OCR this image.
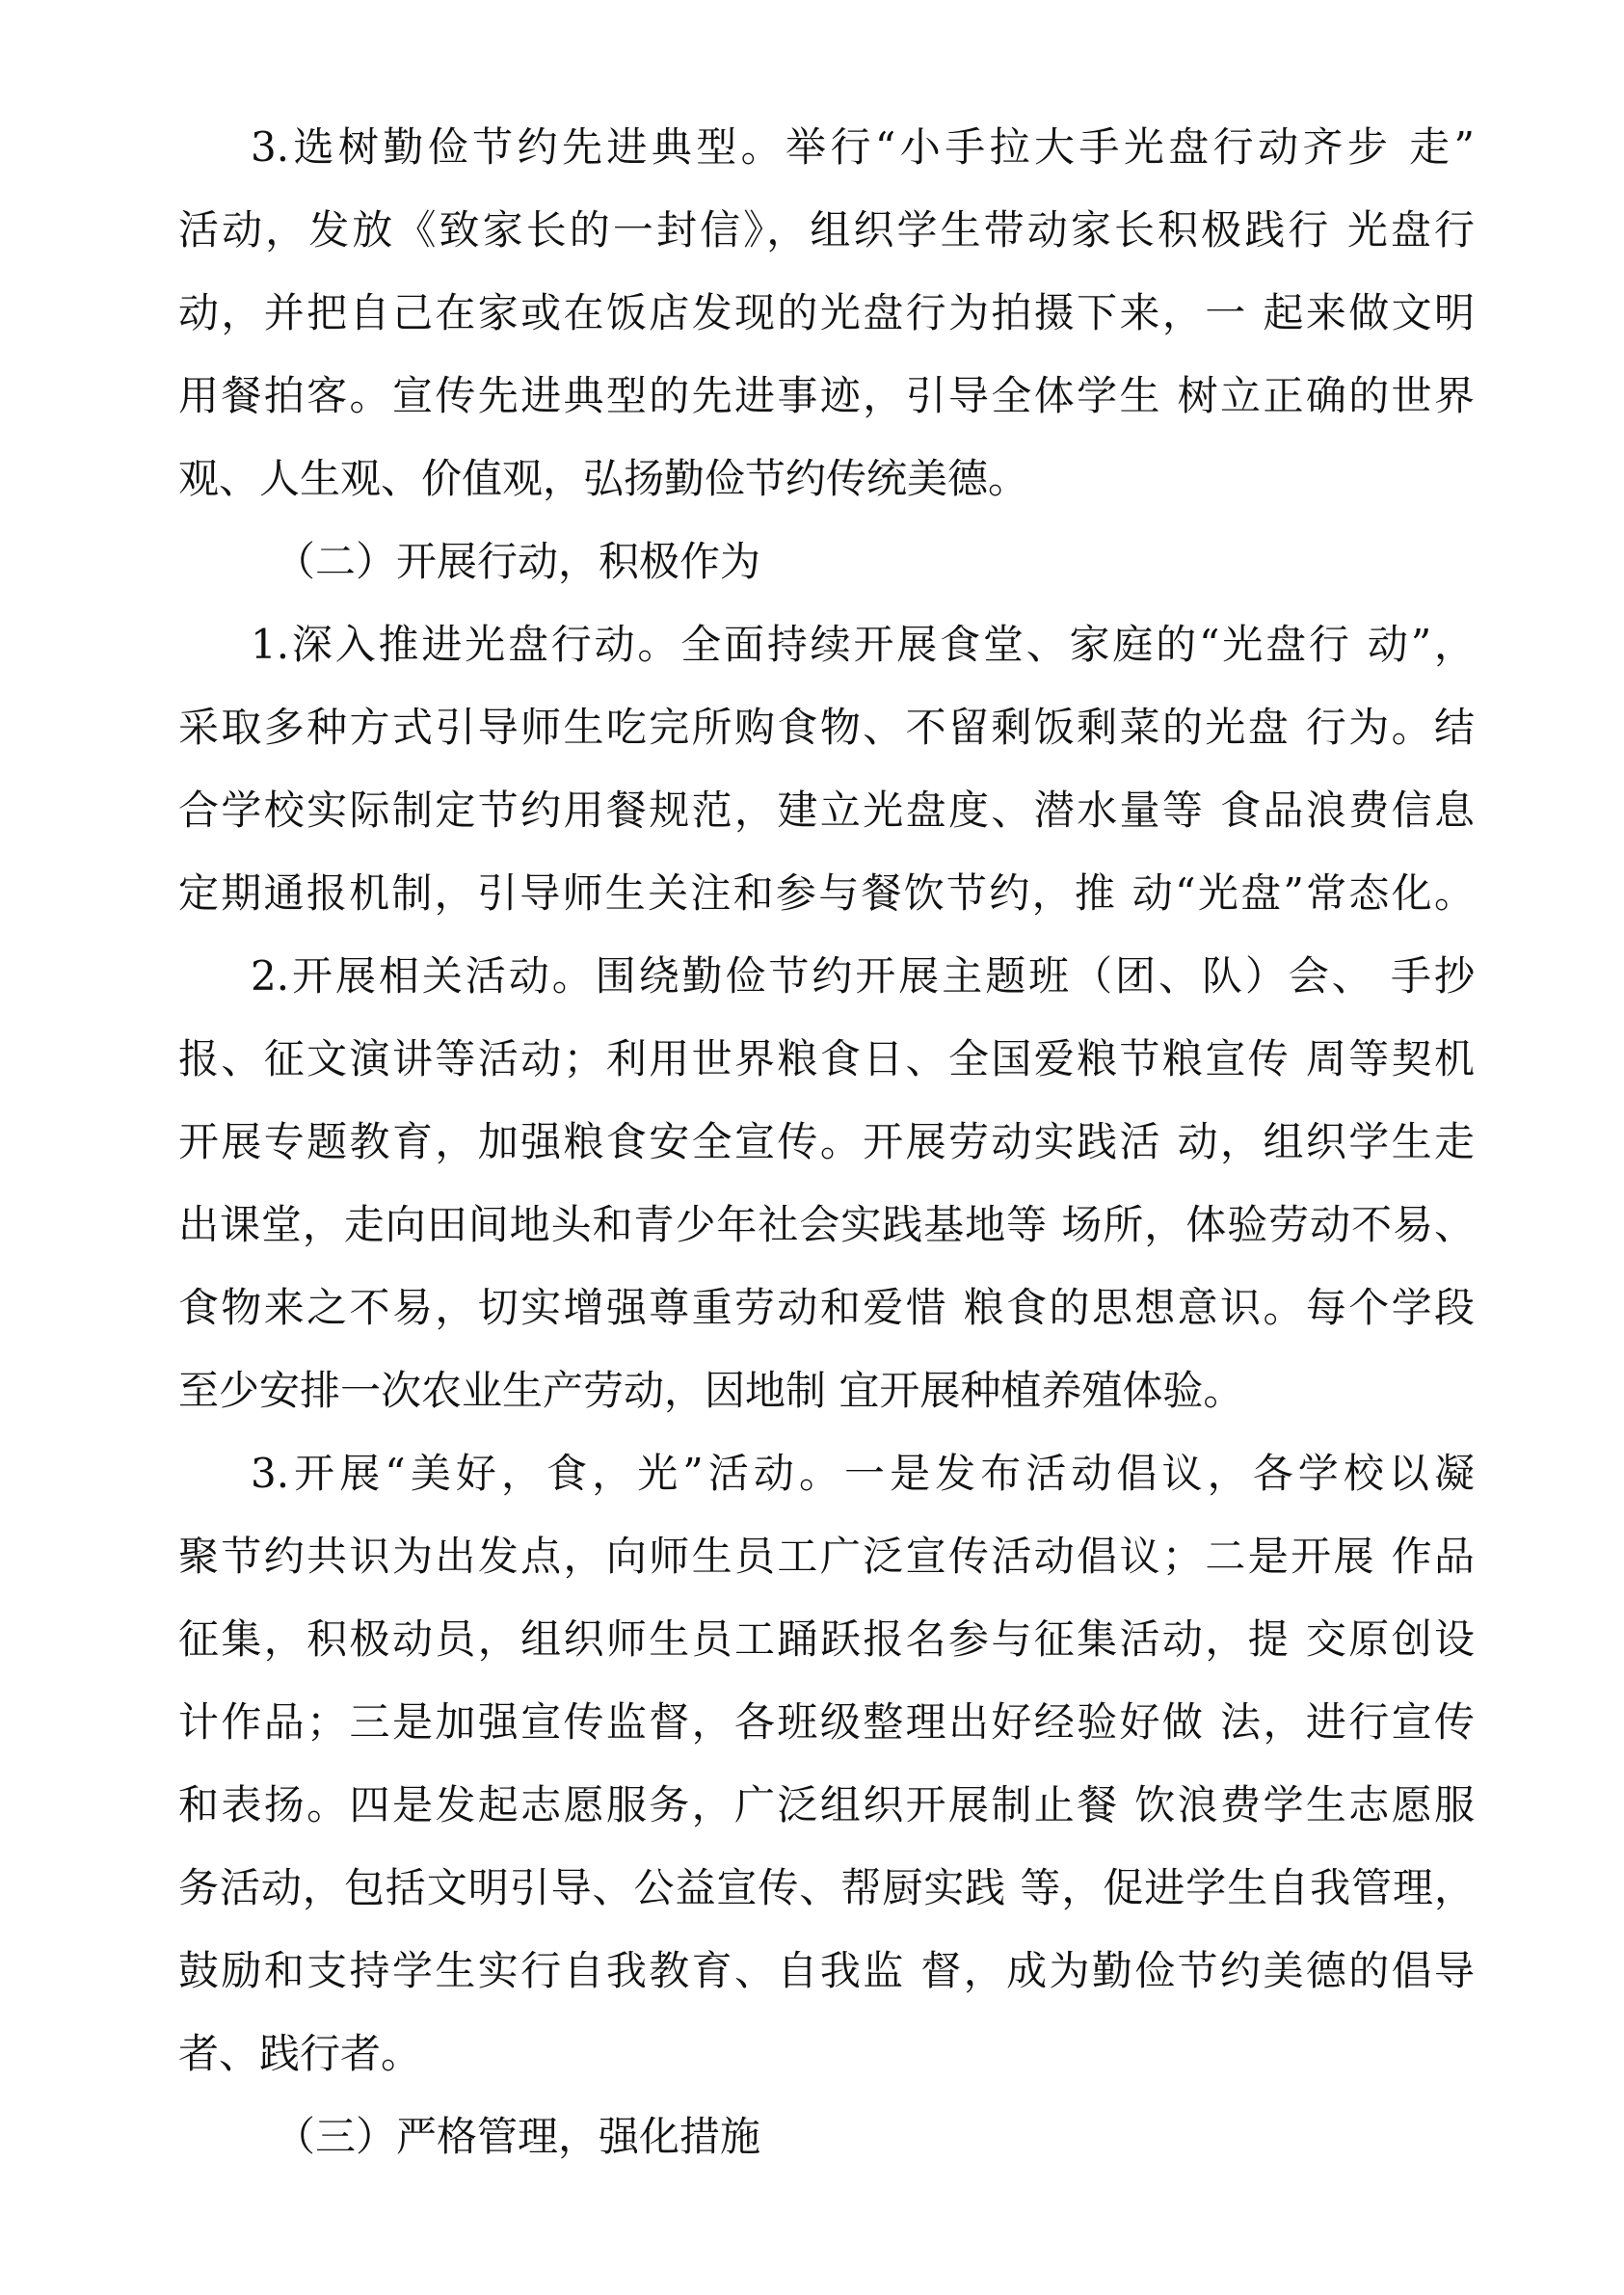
3.选树勤俭节约先进典型。举行“小手拉大手光盘行动齐步 走”
活动，发放《致家长的一封信》，组织学生带动家长积极践行 光盘行
动，并把自己在家或在饭店发现的光盘行为拍摄下来，一 起来做文明
用餐拍客。宣传先进典型的先进事迹，引导全体学生 树立正确的世界
观、人生观、价值观，弘扬勤俭节约传统美德。
（二）开展行动，积极作为
1.深入推进光盘行动。全面持续开展食堂、家庭的“光盘行 动”，
采取多种方式引导师生吃完所购食物、不留剩饭剩菜的光盘 行为。结
合学校实际制定节约用餐规范，建立光盘度、潜水量等 食品浪费信息
定期通报机制，引导师生关注和参与餐饮节约，推 动“光盘”常态化。
2.开展相关活动。围绕勤俭节约开展主题班（团、队）会、 手抄
报、征文演讲等活动；利用世界粮食日、全国爱粮节粮宣传 周等契机
开展专题教育，加强粮食安全宣传。开展劳动实践活 动，组织学生走
出课堂，走向田间地头和青少年社会实践基地等 场所，体验劳动不易、
食物来之不易，切实增强尊重劳动和爱惜 粮食的思想意识。每个学段
至少安排一次农业生产劳动，因地制 宜开展种植养殖体验。
3.开展“美好，食，光”活动。一是发布活动倡议，各学校以凝
聚节约共识为出发点，向师生员工广泛宣传活动倡议；二是开展 作品
征集，积极动员，组织师生员工踊跃报名参与征集活动，提 交原创设
计作品；三是加强宣传监督，各班级整理出好经验好做 法，进行宣传
和表扬。四是发起志愿服务，广泛组织开展制止餐 饮浪费学生志愿服
务活动，包括文明引导、公益宣传、帮厨实践 等，促进学生自我管理，
鼓励和支持学生实行自我教育、自我监 督，成为勤俭节约美德的倡导
者、践行者。
（三）严格管理，强化措施
